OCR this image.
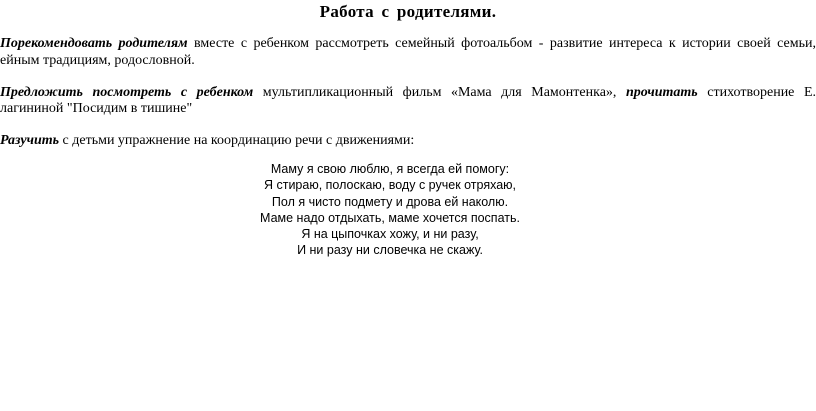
Работа с родителями.
Порекомендовать родителям вместе с ребенком рассмотреть семейный фотоальбом - развитие интереса к истории своей семьи,
ейным традициям, родословной.
Предложить посмотреть с ребенком мультипликационный фильм «Мама для Мамонтенка», прочитать стихотворение Е.
лагининой "Посидим в тишине"
Разучить с детьми упражнение на координацию речи с движениями:
Маму я свою люблю, я всегда ей помогу:
Я стираю, полоскаю, воду с ручек отряхаю,
Пол я чисто подмету и дрова ей наколю.
Маме надо отдыхать, маме хочется поспать.
Я на цыпочках хожу, и ни разу,
И ни разу ни словечка не скажу.
